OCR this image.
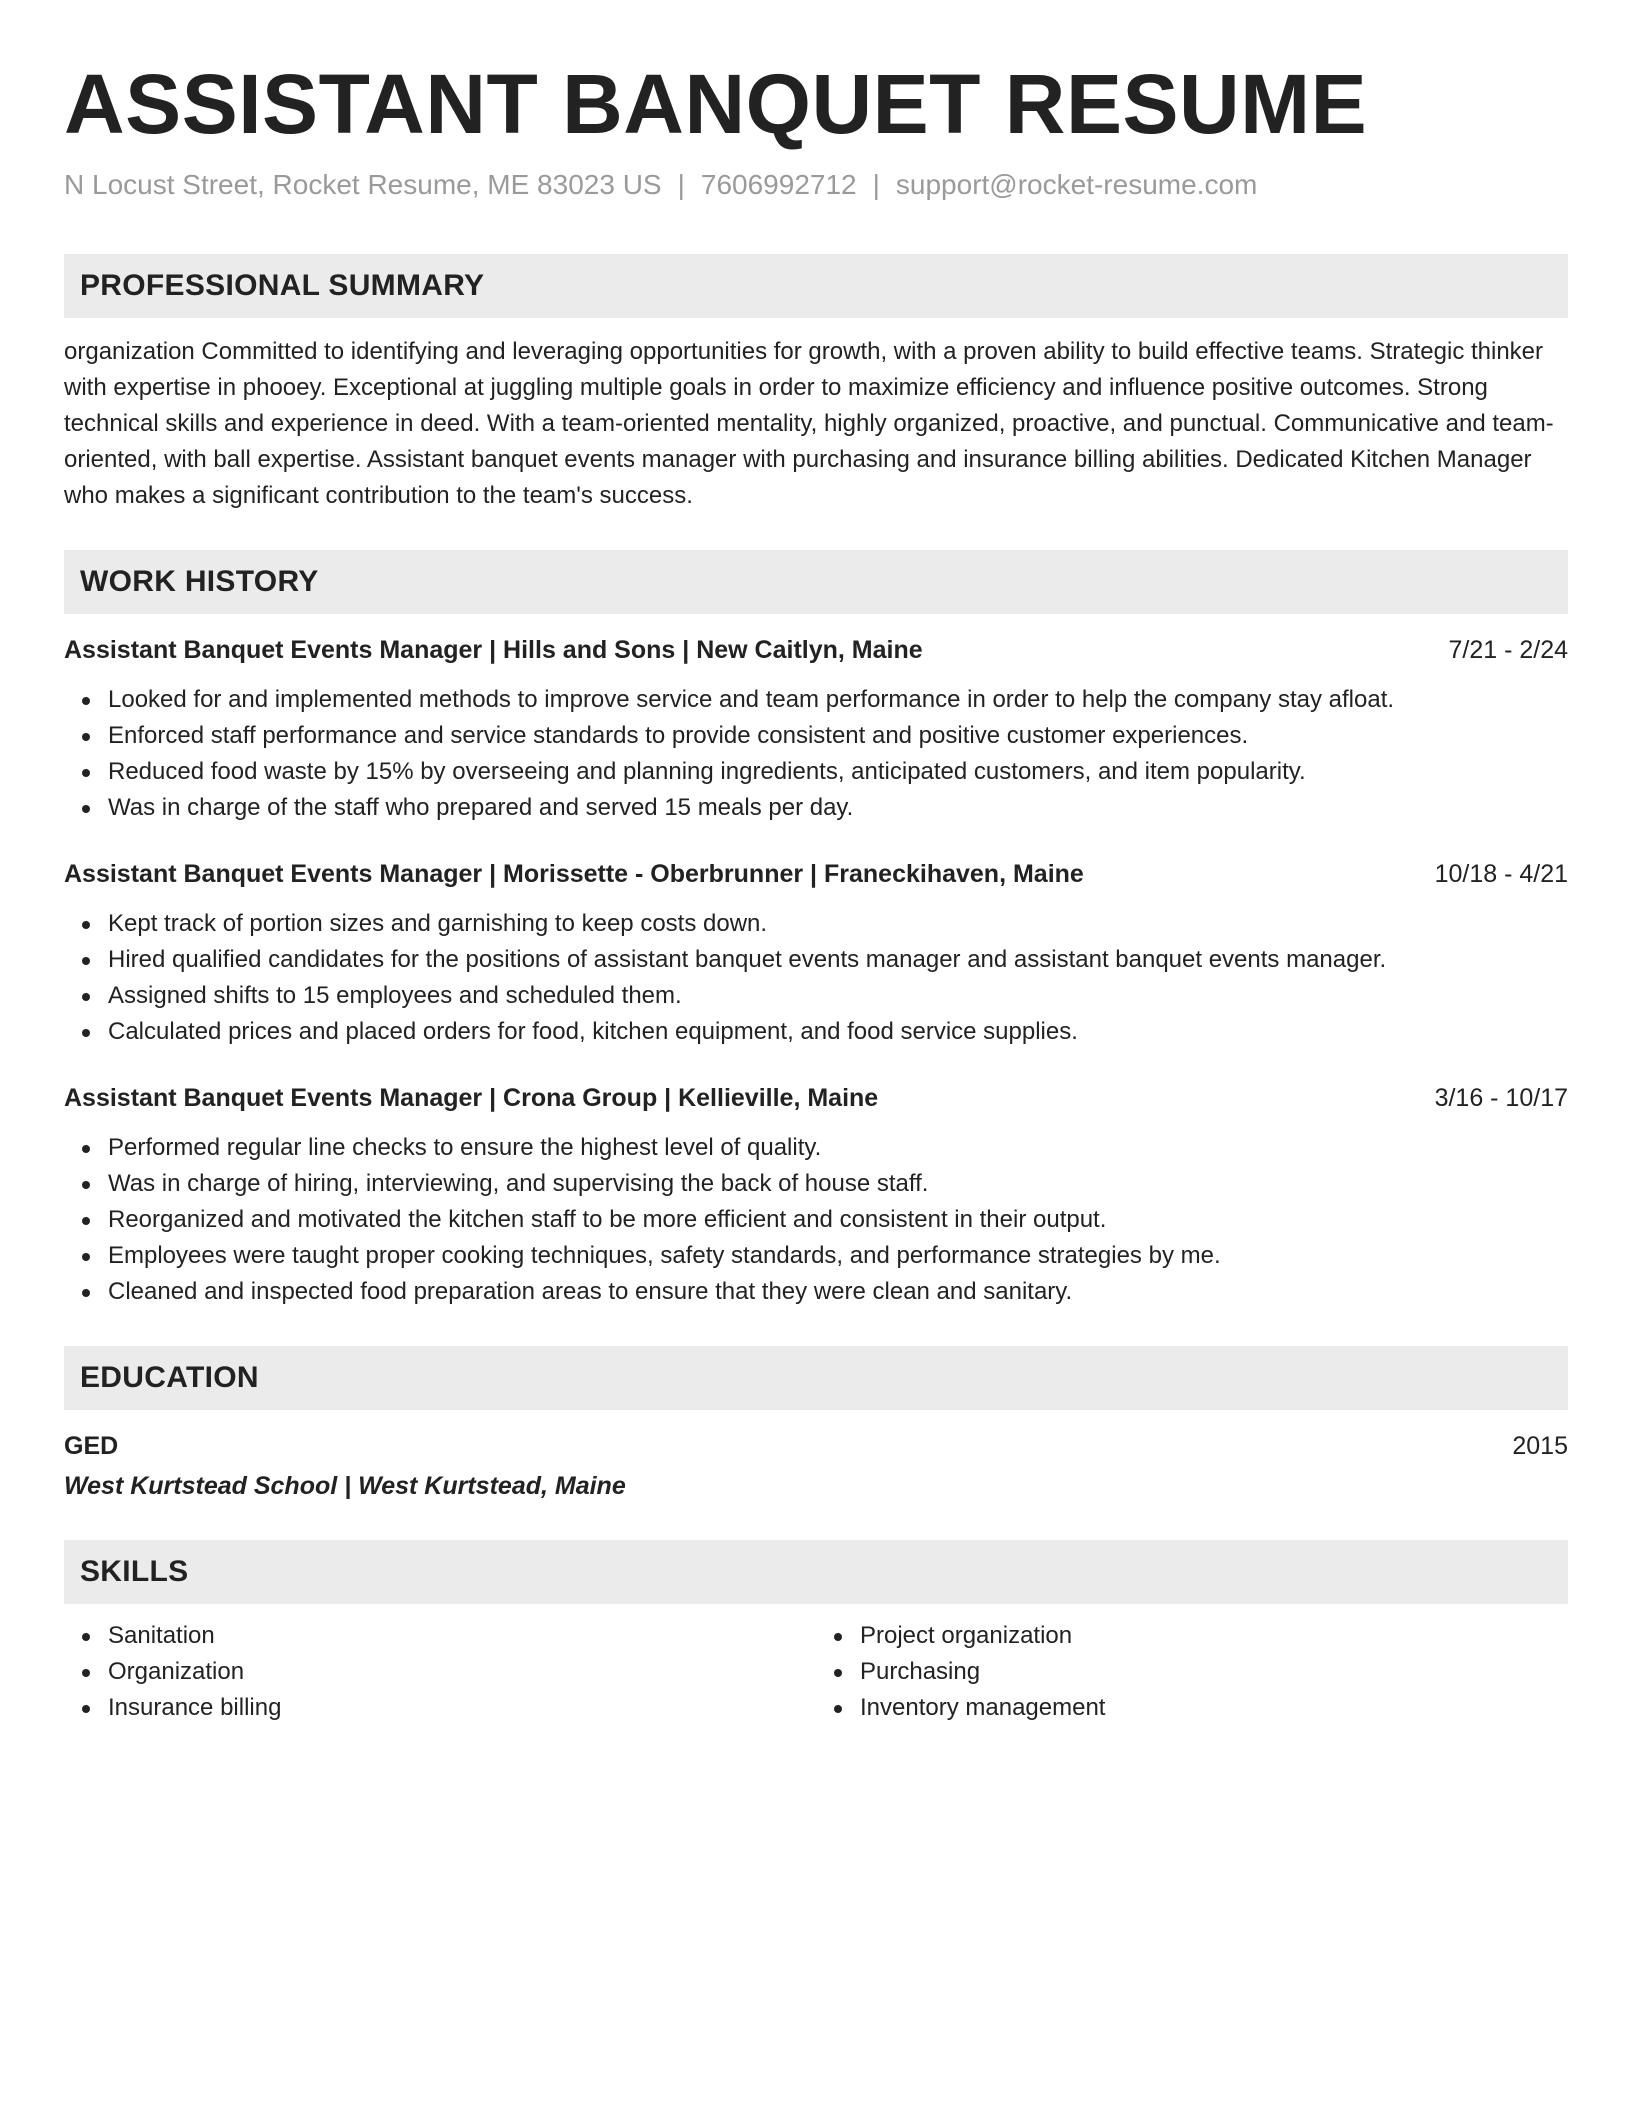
ASSISTANT BANQUET RESUME
N Locust Street, Rocket Resume, ME 83023 US | 7606992712 | support@rocket-resume.com
PROFESSIONAL SUMMARY
organization Committed to identifying and leveraging opportunities for growth, with a proven ability to build effective teams. Strategic thinker with expertise in phooey. Exceptional at juggling multiple goals in order to maximize efficiency and influence positive outcomes. Strong technical skills and experience in deed. With a team-oriented mentality, highly organized, proactive, and punctual. Communicative and team-oriented, with ball expertise. Assistant banquet events manager with purchasing and insurance billing abilities. Dedicated Kitchen Manager who makes a significant contribution to the team's success.
WORK HISTORY
Assistant Banquet Events Manager | Hills and Sons | New Caitlyn, Maine	7/21 - 2/24
Looked for and implemented methods to improve service and team performance in order to help the company stay afloat.
Enforced staff performance and service standards to provide consistent and positive customer experiences.
Reduced food waste by 15% by overseeing and planning ingredients, anticipated customers, and item popularity.
Was in charge of the staff who prepared and served 15 meals per day.
Assistant Banquet Events Manager | Morissette - Oberbrunner | Franeckihaven, Maine	10/18 - 4/21
Kept track of portion sizes and garnishing to keep costs down.
Hired qualified candidates for the positions of assistant banquet events manager and assistant banquet events manager.
Assigned shifts to 15 employees and scheduled them.
Calculated prices and placed orders for food, kitchen equipment, and food service supplies.
Assistant Banquet Events Manager | Crona Group | Kellieville, Maine	3/16 - 10/17
Performed regular line checks to ensure the highest level of quality.
Was in charge of hiring, interviewing, and supervising the back of house staff.
Reorganized and motivated the kitchen staff to be more efficient and consistent in their output.
Employees were taught proper cooking techniques, safety standards, and performance strategies by me.
Cleaned and inspected food preparation areas to ensure that they were clean and sanitary.
EDUCATION
GED	2015
West Kurtstead School | West Kurtstead, Maine
SKILLS
Sanitation
Organization
Insurance billing
Project organization
Purchasing
Inventory management
